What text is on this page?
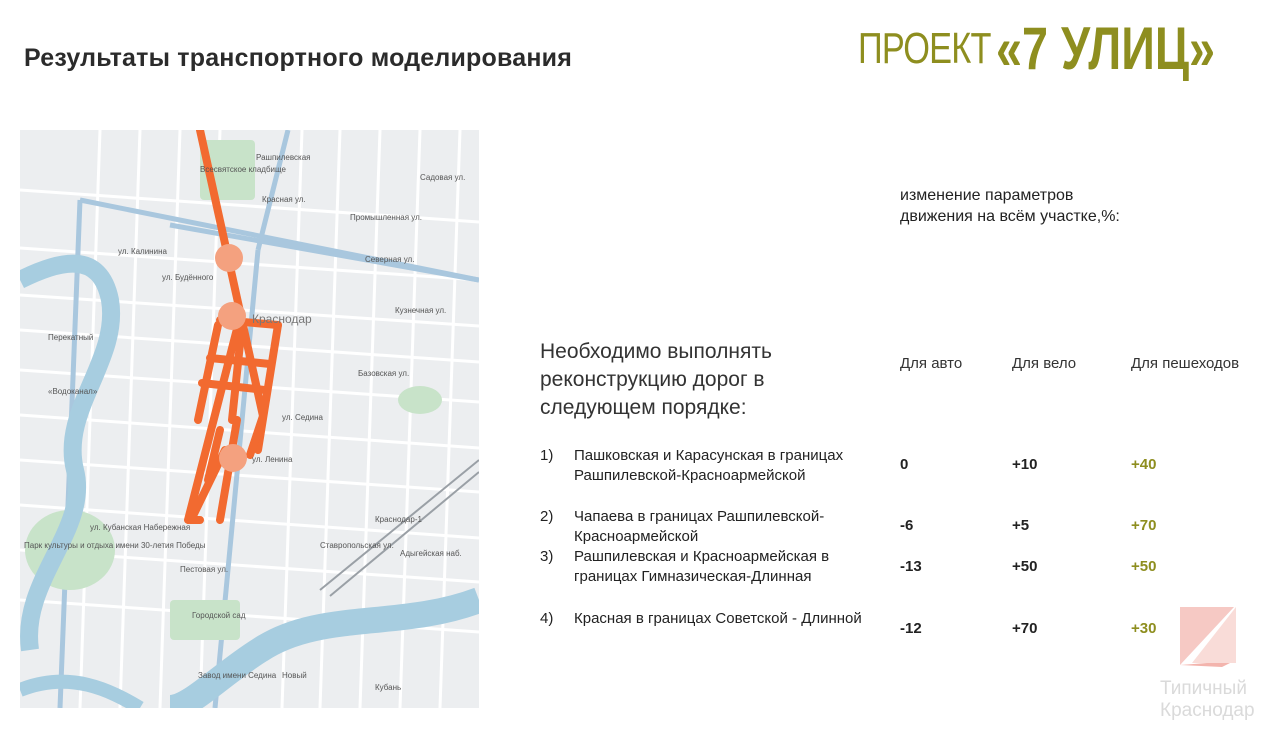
Результаты транспортного моделирования	ПРОЕКТ «7 УЛИЦ»
Краснодар
Всесвятское кладбище
Северная ул.
ул. Калинина
ул. Будённого
Промышленная ул.
Кузнечная ул.
Базовская ул.
ул. Седина
ул. Ленина
Перекатный
«Водоканал»
Пестовая ул.
Городской сад
Новый
Краснодар-1
Ставропольская ул.
Адыгейская наб.
ул. Кубанская Набережная
Парк культуры и отдыха имени 30-летия Победы
Завод имени Седина
Кубань
Садовая ул.
Красная ул.
Рашпилевская
изменение параметров движения на всём участке,%:
Необходимо выполнять реконструкцию дорог в следующем порядке:
Для авто	Для вело	Для пешеходов
1) Пашковская и Карасунская в границах Рашпилевской-Красноармейской
0	+10	+40
2) Чапаева в границах Рашпилевской-Красноармейской
-6	+5	+70
3) Рашпилевская и Красноармейская в границах Гимназическая-Длинная
-13	+50	+50
4) Красная в границах Советской - Длинной
-12	+70	+30
Типичный
Краснодар
